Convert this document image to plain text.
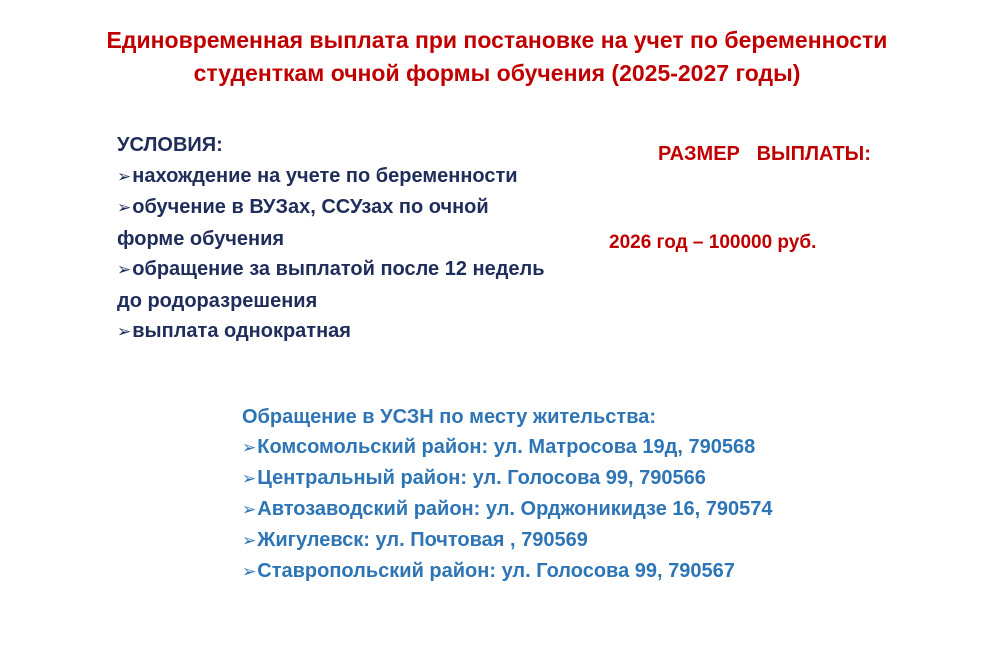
Единовременная выплата при постановке на учет по беременности
студенткам очной формы обучения (2025-2027 годы)
УСЛОВИЯ:
➢нахождение на учете по беременности
➢обучение в ВУЗах, ССУзах по очной
форме обучения
➢обращение за выплатой после 12 недель
до родоразрешения
➢выплата однократная
РАЗМЕР   ВЫПЛАТЫ:
2026 год – 100000 руб.
Обращение в УСЗН по месту жительства:
➢Комсомольский район: ул. Матросова 19д, 790568
➢Центральный район: ул. Голосова 99, 790566
➢Автозаводский район: ул. Орджоникидзе 16, 790574
➢Жигулевск: ул. Почтовая , 790569
➢Ставропольский район: ул. Голосова 99, 790567
